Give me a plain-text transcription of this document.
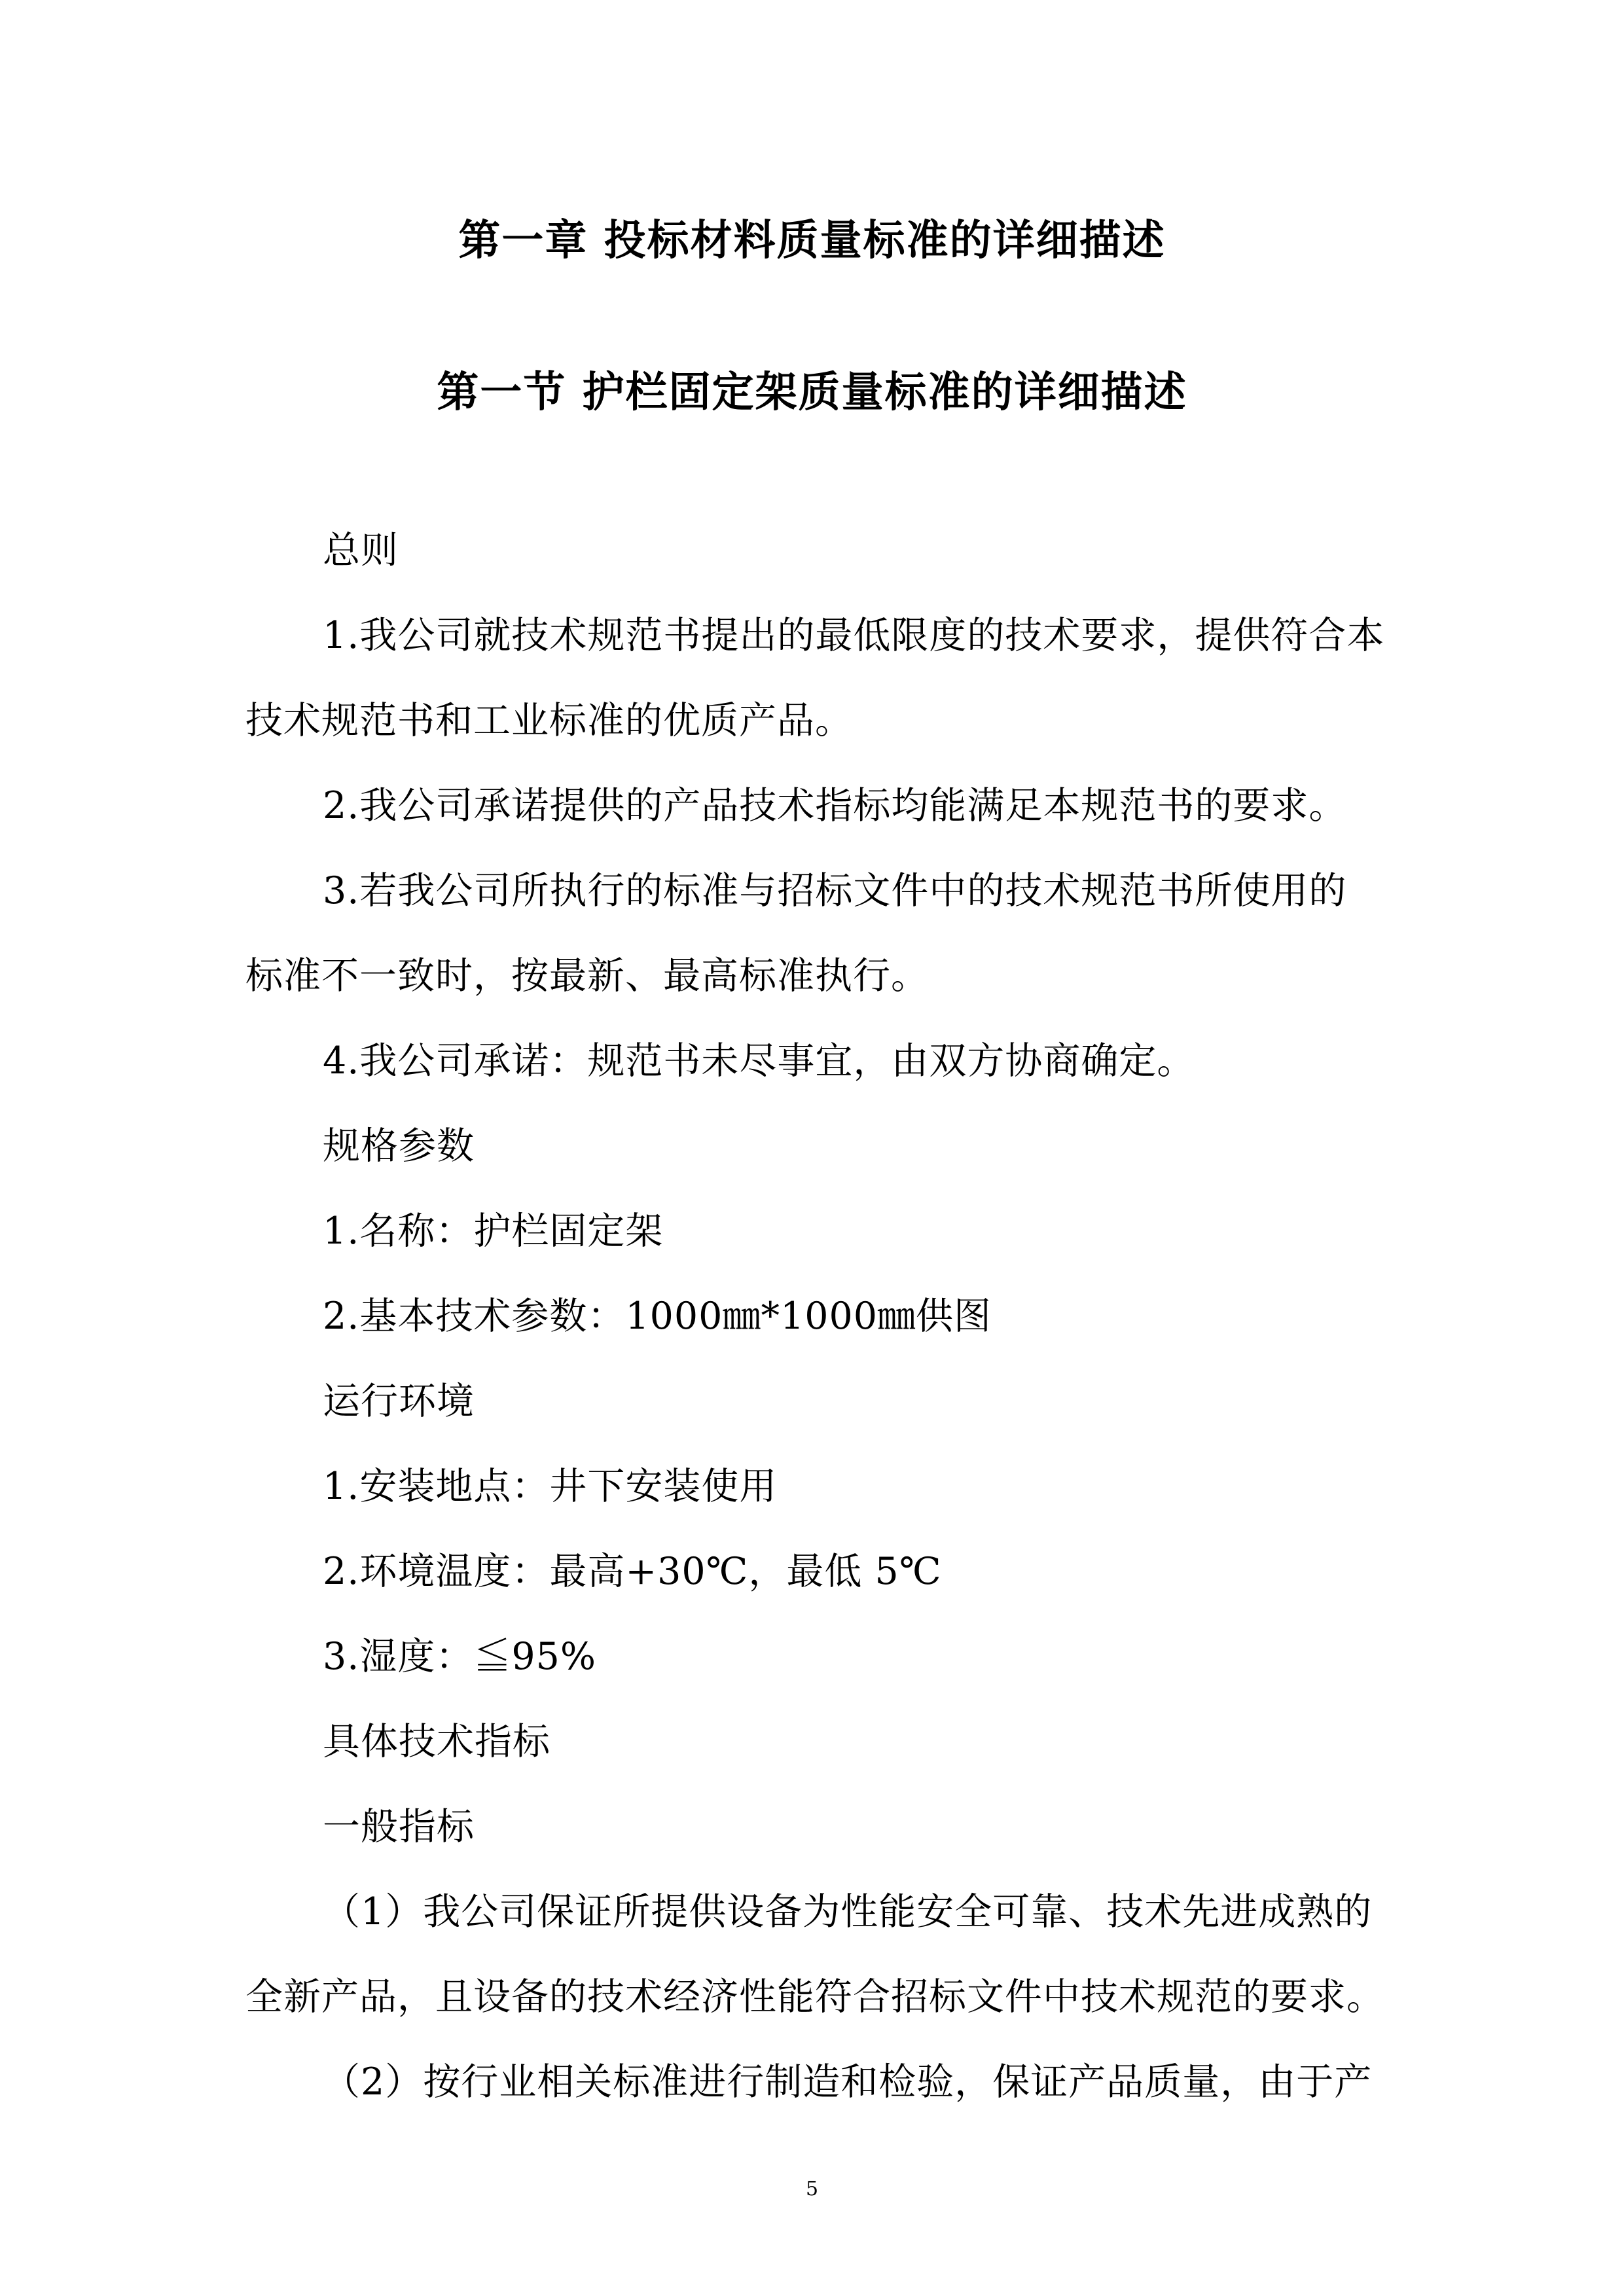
第一章 投标材料质量标准的详细描述
第一节 护栏固定架质量标准的详细描述
总则
1.我公司就技术规范书提出的最低限度的技术要求，提供符合本
技术规范书和工业标准的优质产品。
2.我公司承诺提供的产品技术指标均能满足本规范书的要求。
3.若我公司所执行的标准与招标文件中的技术规范书所使用的
标准不一致时，按最新、最高标准执行。
4.我公司承诺：规范书未尽事宜，由双方协商确定。
规格参数
1.名称：护栏固定架
2.基本技术参数：1000㎜*1000㎜供图
运行环境
1.安装地点：井下安装使用
2.环境温度：最高+30℃，最低 5℃
3.湿度：≦95%
具体技术指标
一般指标
（1）我公司保证所提供设备为性能安全可靠、技术先进成熟的
全新产品，且设备的技术经济性能符合招标文件中技术规范的要求。
（2）按行业相关标准进行制造和检验，保证产品质量，由于产
5
